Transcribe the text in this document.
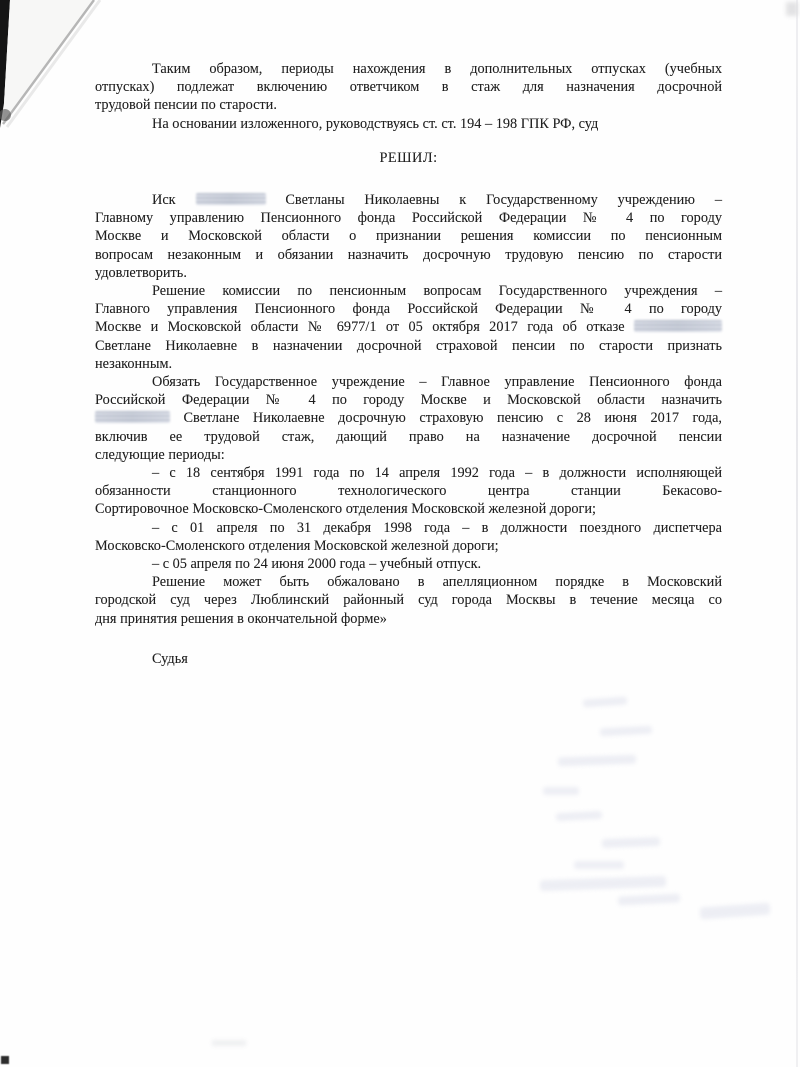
Таким образом, периоды нахождения в дополнительных отпусках (учебных
отпусках) подлежат включению ответчиком в стаж для назначения досрочной
трудовой пенсии по старости.
На основании изложенного, руководствуясь ст. ст. 194 – 198 ГПК РФ, суд
РЕШИЛ:
Иск	Светланы Николаевны к Государственному учреждению –
Главному управлению Пенсионного фонда Российской Федерации № 4 по городу
Москве и Московской области о признании решения комиссии по пенсионным
вопросам незаконным и обязании назначить досрочную трудовую пенсию по старости
удовлетворить.
Решение комиссии по пенсионным вопросам Государственного учреждения –
Главного управления Пенсионного фонда Российской Федерации № 4 по городу
Москве и Московской области № 6977/1 от 05 октября 2017 года об отказе
Светлане Николаевне в назначении досрочной страховой пенсии по старости признать
незаконным.
Обязать Государственное учреждение – Главное управление Пенсионного фонда
Российской Федерации № 4 по городу Москве и Московской области назначить
Светлане Николаевне досрочную страховую пенсию с 28 июня 2017 года,
включив ее трудовой стаж, дающий право на назначение досрочной пенсии
следующие периоды:
– с 18 сентября 1991 года по 14 апреля 1992 года – в должности исполняющей
обязанности станционного технологического центра станции Бекасово-
Сортировочное Московско-Смоленского отделения Московской железной дороги;
– с 01 апреля по 31 декабря 1998 года – в должности поездного диспетчера
Московско-Смоленского отделения Московской железной дороги;
– с 05 апреля по 24 июня 2000 года – учебный отпуск.
Решение может быть обжаловано в апелляционном порядке в Московский
городской суд через Люблинский районный суд города Москвы в течение месяца со
дня принятия решения в окончательной форме»
Судья
